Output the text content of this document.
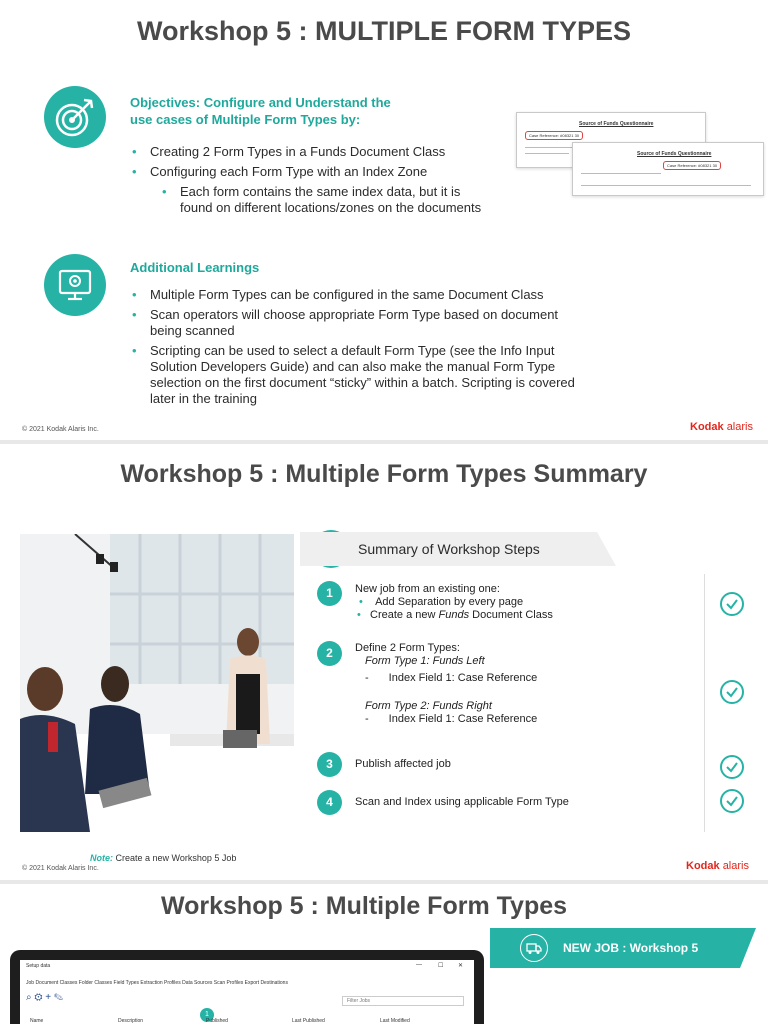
Workshop 5 : MULTIPLE FORM TYPES
Objectives: Configure and Understand the
use cases of Multiple Form Types by:
• Creating 2 Form Types in a Funds Document Class
• Configuring each Form Type with an Index Zone
• Each form contains the same index data, but it is found on different locations/zones on the documents
Source of Funds Questionnaire
Case Reference: #08321 30
Source of Funds Questionnaire
Case Reference: #08321 30
Additional Learnings
• Multiple Form Types can be configured in the same Document Class
• Scan operators will choose appropriate Form Type based on document being scanned
• Scripting can be used to select a default Form Type (see the Info Input Solution Developers Guide) and can also make the manual Form Type selection on the first document “sticky” within a batch. Scripting is covered later in the training
© 2021 Kodak Alaris Inc.	Kodak alaris
Workshop 5 : Multiple Form Types Summary
Summary of Workshop Steps
1	New job from an existing one:
• Add Separation by every page
• Create a new Funds Document Class
2	Define 2 Form Types:
Form Type 1: Funds Left
- Index Field 1: Case Reference
Form Type 2: Funds Right
- Index Field 1: Case Reference
3	Publish affected job
4	Scan and Index using applicable Form Type
Note: Create a new Workshop 5 Job
© 2021 Kodak Alaris Inc.	Kodak alaris
Workshop 5 : Multiple Form Types
NEW JOB : Workshop 5
Setup data	—	☐ ✕
Job Document Classes Folder Classes Field Types Extraction Profiles Data Sources Scan Profiles Export Destinations
⌕ ⚙ + ✎	Filter Jobs
1
Name	Description	Published	Last Published	Last Modified
